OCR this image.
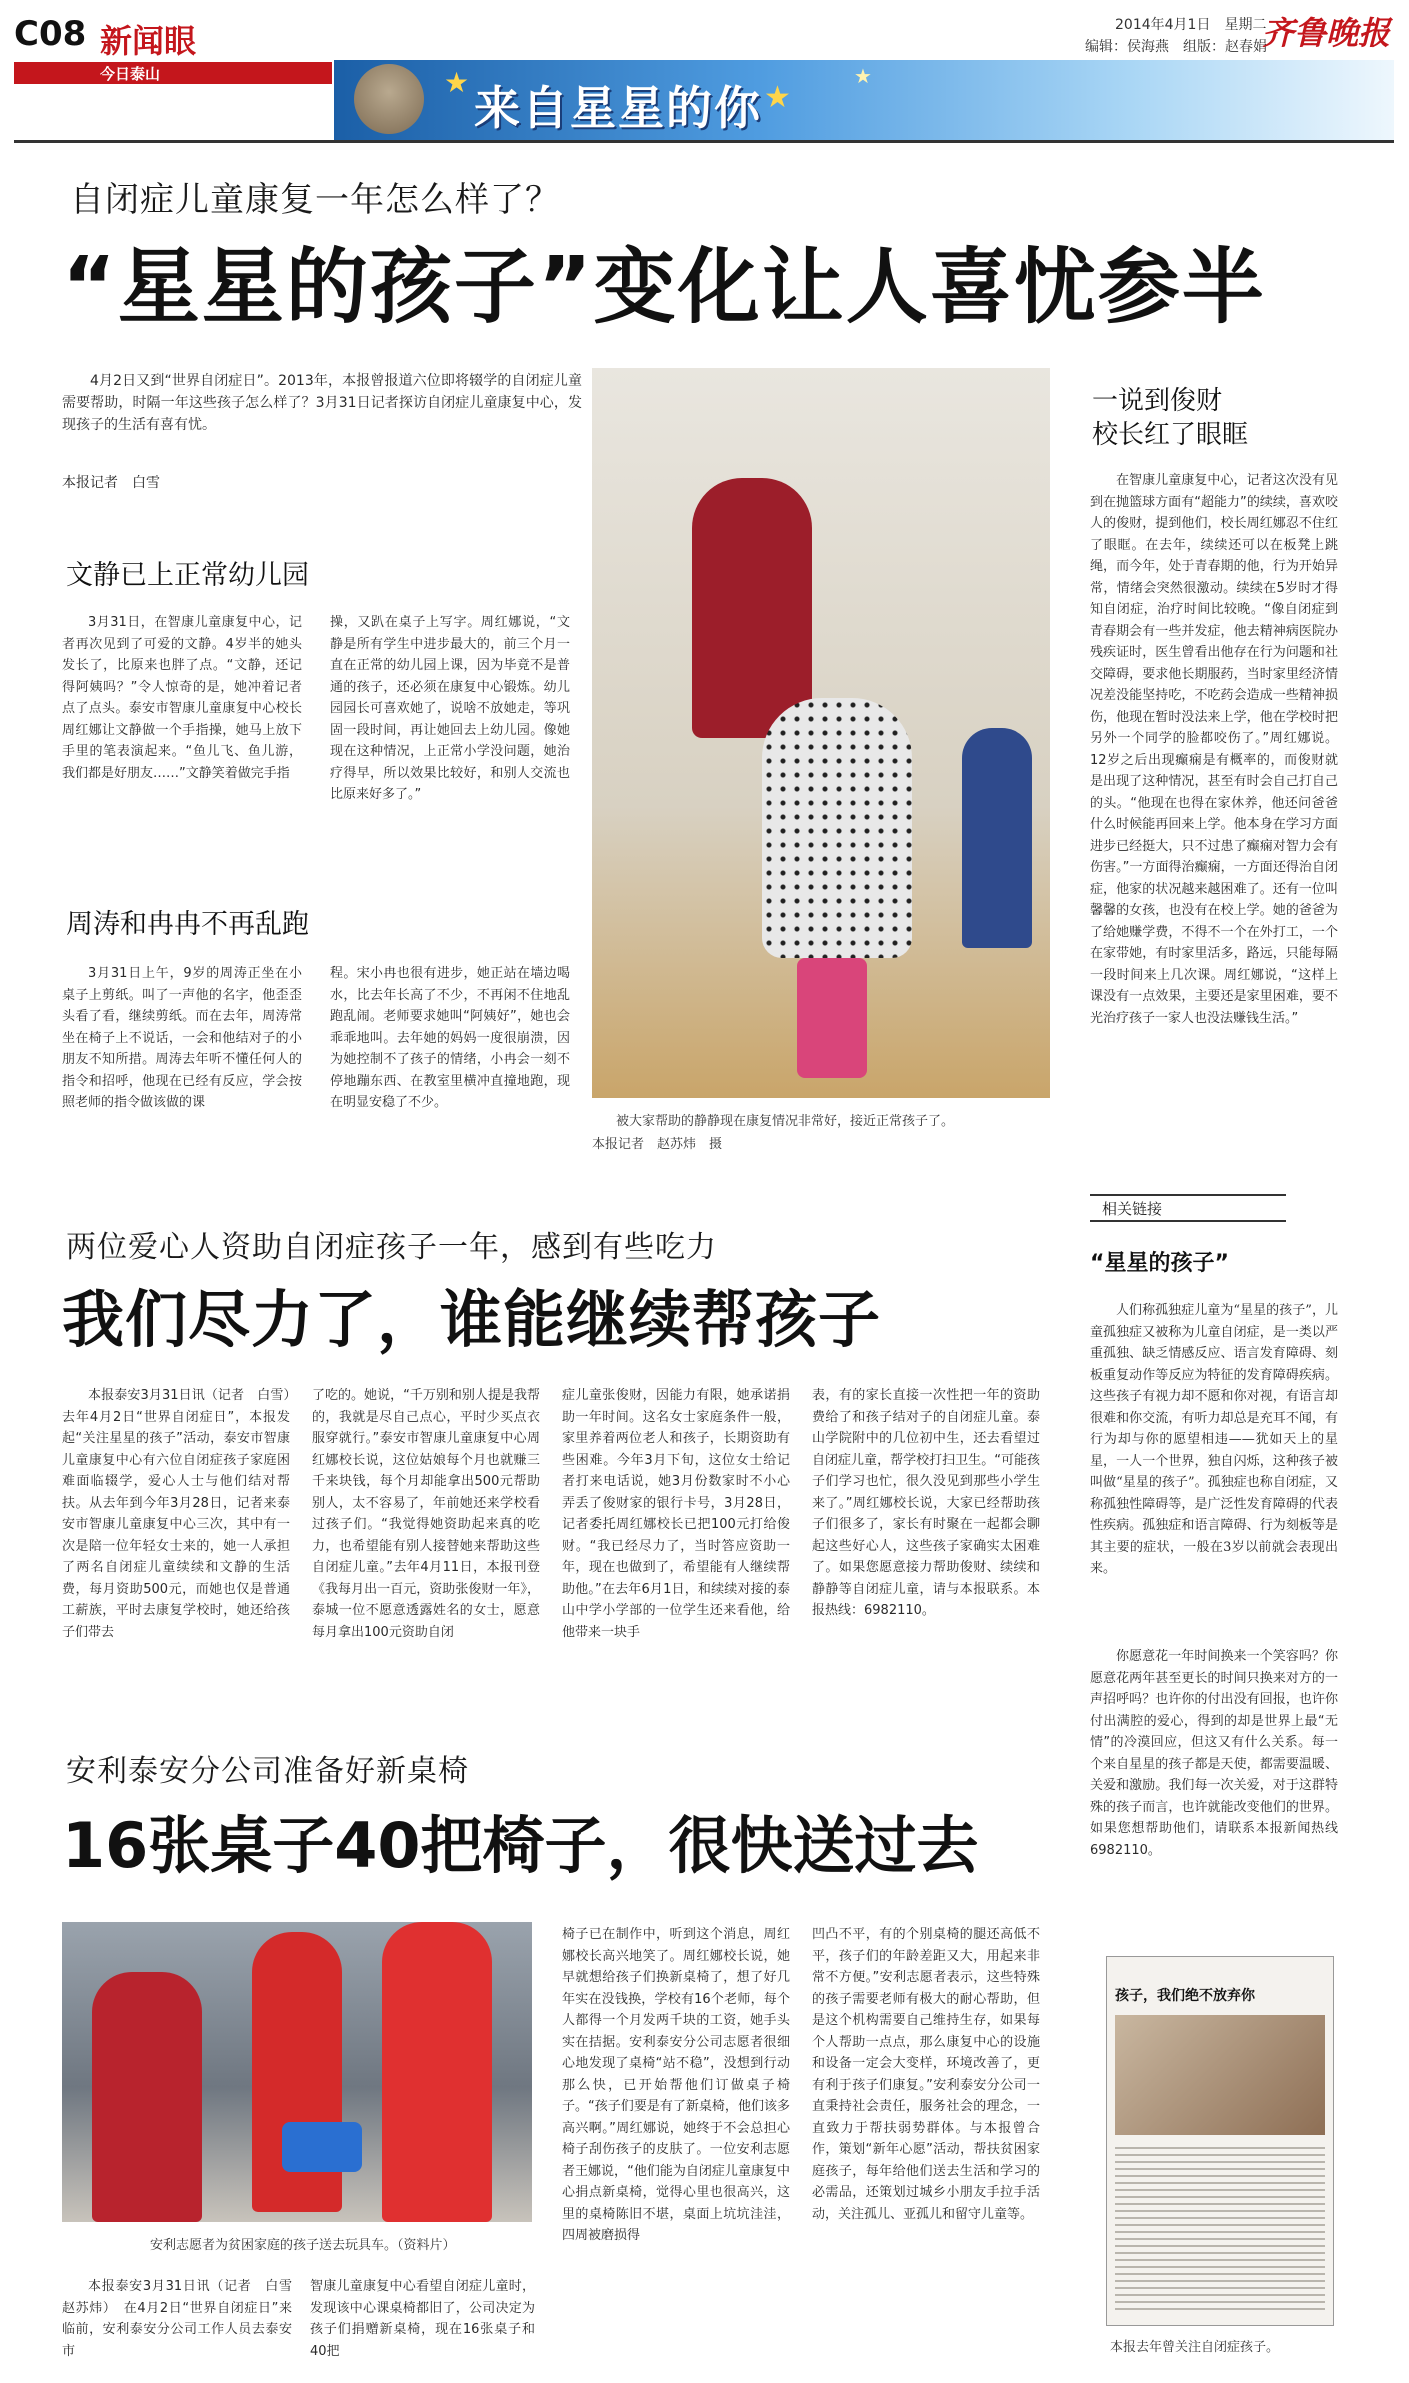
C08 新闻眼
今日泰山	★	★
★
来自星星的你
2014年4月1日　星期二
编辑：侯海燕　组版：赵春娟
齐鲁晚报
自闭症儿童康复一年怎么样了？
“星星的孩子”变化让人喜忧参半
4月2日又到“世界自闭症日”。2013年，本报曾报道六位即将辍学的自闭症儿童需要帮助，时隔一年这些孩子怎么样了？3月31日记者探访自闭症儿童康复中心，发现孩子的生活有喜有忧。
本报记者　白雪
文静已上正常幼儿园
3月31日，在智康儿童康复中心，记者再次见到了可爱的文静。4岁半的她头发长了，比原来也胖了点。“文静，还记得阿姨吗？”令人惊奇的是，她冲着记者点了点头。泰安市智康儿童康复中心校长周红娜让文静做一个手指操，她马上放下手里的笔表演起来。“鱼儿飞、鱼儿游，我们都是好朋友……”文静笑着做完手指
操，又趴在桌子上写字。周红娜说，“文静是所有学生中进步最大的，前三个月一直在正常的幼儿园上课，因为毕竟不是普通的孩子，还必须在康复中心锻炼。幼儿园园长可喜欢她了，说啥不放她走，等巩固一段时间，再让她回去上幼儿园。像她现在这种情况，上正常小学没问题，她治疗得早，所以效果比较好，和别人交流也比原来好多了。”
周涛和冉冉不再乱跑
3月31日上午，9岁的周涛正坐在小桌子上剪纸。叫了一声他的名字，他歪歪头看了看，继续剪纸。而在去年，周涛常坐在椅子上不说话，一会和他结对子的小朋友不知所措。周涛去年听不懂任何人的指令和招呼，他现在已经有反应，学会按照老师的指令做该做的课
程。宋小冉也很有进步，她正站在墙边喝水，比去年长高了不少，不再闲不住地乱跑乱闹。老师要求她叫“阿姨好”，她也会乖乖地叫。去年她的妈妈一度很崩溃，因为她控制不了孩子的情绪，小冉会一刻不停地蹦东西、在教室里横冲直撞地跑，现在明显安稳了不少。
被大家帮助的静静现在康复情况非常好，接近正常孩子了。
本报记者　赵苏炜　摄
一说到俊财
校长红了眼眶
在智康儿童康复中心，记者这次没有见到在抛篮球方面有“超能力”的续续，喜欢咬人的俊财，提到他们，校长周红娜忍不住红了眼眶。在去年，续续还可以在板凳上跳绳，而今年，处于青春期的他，行为开始异常，情绪会突然很激动。续续在5岁时才得知自闭症，治疗时间比较晚。“像自闭症到青春期会有一些并发症，他去精神病医院办残疾证时，医生曾看出他存在行为问题和社交障碍，要求他长期服药，当时家里经济情况差没能坚持吃，不吃药会造成一些精神损伤，他现在暂时没法来上学，他在学校时把另外一个同学的脸都咬伤了。”周红娜说。12岁之后出现癫痫是有概率的，而俊财就是出现了这种情况，甚至有时会自己打自己的头。“他现在也得在家休养，他还问爸爸什么时候能再回来上学。他本身在学习方面进步已经挺大，只不过患了癫痫对智力会有伤害。”一方面得治癫痫，一方面还得治自闭症，他家的状况越来越困难了。还有一位叫馨馨的女孩，也没有在校上学。她的爸爸为了给她赚学费，不得不一个在外打工，一个在家带她，有时家里活多，路远，只能每隔一段时间来上几次课。周红娜说，“这样上课没有一点效果，主要还是家里困难，要不光治疗孩子一家人也没法赚钱生活。”
相关链接
“星星的孩子”
人们称孤独症儿童为“星星的孩子”，儿童孤独症又被称为儿童自闭症，是一类以严重孤独、缺乏情感反应、语言发育障碍、刻板重复动作等反应为特征的发育障碍疾病。这些孩子有视力却不愿和你对视，有语言却很难和你交流，有听力却总是充耳不闻，有行为却与你的愿望相违——犹如天上的星星，一人一个世界，独自闪烁，这种孩子被叫做“星星的孩子”。孤独症也称自闭症，又称孤独性障碍等，是广泛性发育障碍的代表性疾病。孤独症和语言障碍、行为刻板等是其主要的症状，一般在3岁以前就会表现出来。
你愿意花一年时间换来一个笑容吗？你愿意花两年甚至更长的时间只换来对方的一声招呼吗？也许你的付出没有回报，也许你付出满腔的爱心，得到的却是世界上最“无情”的冷漠回应，但这又有什么关系。每一个来自星星的孩子都是天使，都需要温暖、关爱和激励。我们每一次关爱，对于这群特殊的孩子而言，也许就能改变他们的世界。如果您想帮助他们，请联系本报新闻热线6982110。
孩子，我们绝不放弃你
本报去年曾关注自闭症孩子。
两位爱心人资助自闭症孩子一年，感到有些吃力
我们尽力了，谁能继续帮孩子
本报泰安3月31日讯（记者　白雪）　去年4月2日“世界自闭症日”，本报发起“关注星星的孩子”活动，泰安市智康儿童康复中心有六位自闭症孩子家庭困难面临辍学，爱心人士与他们结对帮扶。从去年到今年3月28日，记者来泰安市智康儿童康复中心三次，其中有一次是陪一位年轻女士来的，她一人承担了两名自闭症儿童续续和文静的生活费，每月资助500元，而她也仅是普通工薪族，平时去康复学校时，她还给孩子们带去
了吃的。她说，“千万别和别人提是我帮的，我就是尽自己点心，平时少买点衣服穿就行。”泰安市智康儿童康复中心周红娜校长说，这位姑娘每个月也就赚三千来块钱，每个月却能拿出500元帮助别人，太不容易了，年前她还来学校看过孩子们。“我觉得她资助起来真的吃力，也希望能有别人接替她来帮助这些自闭症儿童。”去年4月11日，本报刊登《我每月出一百元，资助张俊财一年》，泰城一位不愿意透露姓名的女士，愿意每月拿出100元资助自闭
症儿童张俊财，因能力有限，她承诺捐助一年时间。这名女士家庭条件一般，家里养着两位老人和孩子，长期资助有些困难。今年3月下旬，这位女士给记者打来电话说，她3月份数家时不小心弄丢了俊财家的银行卡号，3月28日，记者委托周红娜校长已把100元打给俊财。“我已经尽力了，当时答应资助一年，现在也做到了，希望能有人继续帮助他。”在去年6月1日，和续续对接的泰山中学小学部的一位学生还来看他，给他带来一块手
表，有的家长直接一次性把一年的资助费给了和孩子结对子的自闭症儿童。泰山学院附中的几位初中生，还去看望过自闭症儿童，帮学校打扫卫生。“可能孩子们学习也忙，很久没见到那些小学生来了。”周红娜校长说，大家已经帮助孩子们很多了，家长有时聚在一起都会聊起这些好心人，这些孩子家确实太困难了。如果您愿意接力帮助俊财、续续和静静等自闭症儿童，请与本报联系。本报热线：6982110。
安利泰安分公司准备好新桌椅
16张桌子40把椅子，很快送过去
安利志愿者为贫困家庭的孩子送去玩具车。（资料片）
本报泰安3月31日讯（记者　白雪　赵苏炜）　在4月2日“世界自闭症日”来临前，安利泰安分公司工作人员去泰安市
智康儿童康复中心看望自闭症儿童时，发现该中心课桌椅都旧了，公司决定为孩子们捐赠新桌椅，现在16张桌子和40把
椅子已在制作中，听到这个消息，周红娜校长高兴地笑了。周红娜校长说，她早就想给孩子们换新桌椅了，想了好几年实在没钱换，学校有16个老师，每个人都得一个月发两千块的工资，她手头实在拮据。安利泰安分公司志愿者很细心地发现了桌椅“站不稳”，没想到行动那么快，已开始帮他们订做桌子椅子。“孩子们要是有了新桌椅，他们该多高兴啊。”周红娜说，她终于不会总担心椅子刮伤孩子的皮肤了。一位安利志愿者王娜说，“他们能为自闭症儿童康复中心捐点新桌椅，觉得心里也很高兴，这里的桌椅陈旧不堪，桌面上坑坑洼洼，四周被磨损得
凹凸不平，有的个别桌椅的腿还高低不平，孩子们的年龄差距又大，用起来非常不方便。”安利志愿者表示，这些特殊的孩子需要老师有极大的耐心帮助，但是这个机构需要自己维持生存，如果每个人帮助一点点，那么康复中心的设施和设备一定会大变样，环境改善了，更有利于孩子们康复。”安利泰安分公司一直秉持社会责任，服务社会的理念，一直致力于帮扶弱势群体。与本报曾合作，策划“新年心愿”活动，帮扶贫困家庭孩子，每年给他们送去生活和学习的必需品，还策划过城乡小朋友手拉手活动，关注孤儿、亚孤儿和留守儿童等。
